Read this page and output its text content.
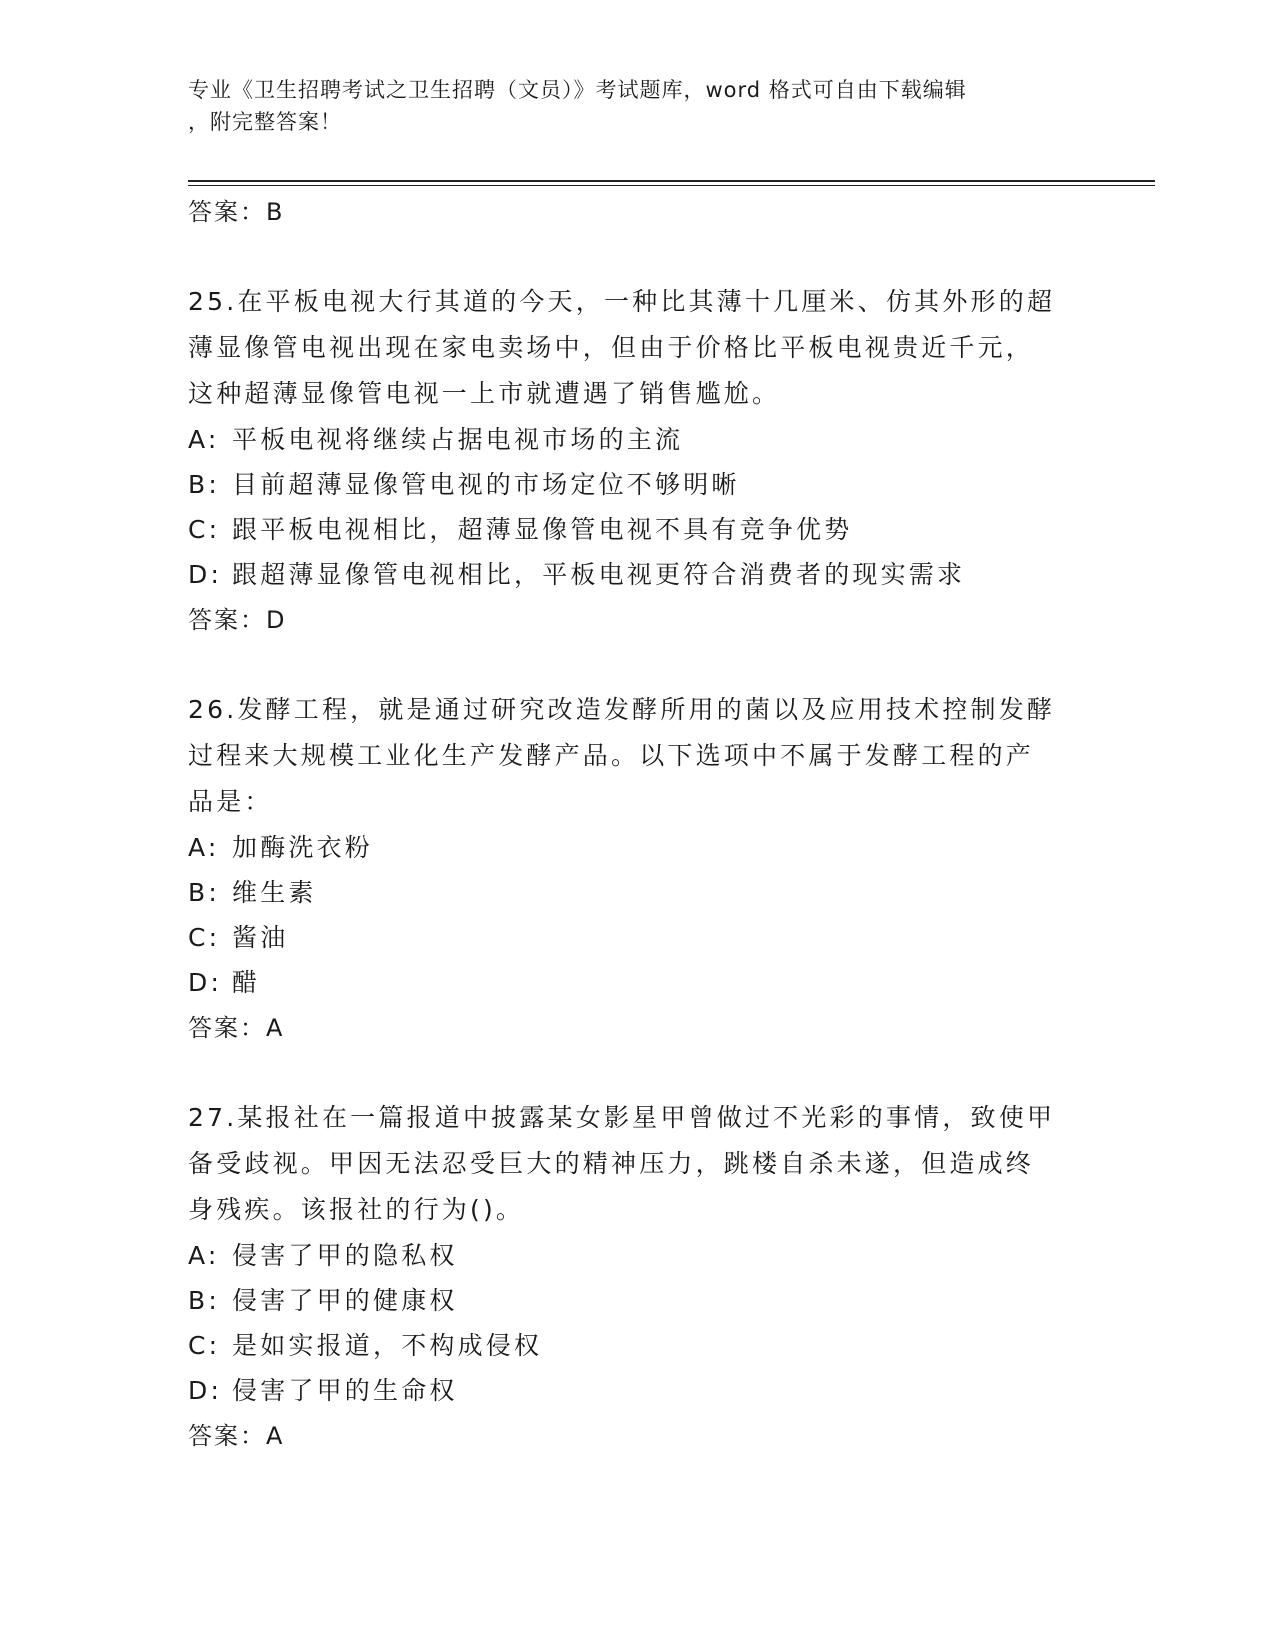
专业《卫生招聘考试之卫生招聘（文员）》考试题库，word 格式可自由下载编辑
，附完整答案！
答案：B
25.在平板电视大行其道的今天，一种比其薄十几厘米、仿其外形的超
薄显像管电视出现在家电卖场中，但由于价格比平板电视贵近千元，
这种超薄显像管电视一上市就遭遇了销售尴尬。
A: 平板电视将继续占据电视市场的主流
B: 目前超薄显像管电视的市场定位不够明晰
C: 跟平板电视相比，超薄显像管电视不具有竞争优势
D: 跟超薄显像管电视相比，平板电视更符合消费者的现实需求
答案：D
26.发酵工程，就是通过研究改造发酵所用的菌以及应用技术控制发酵
过程来大规模工业化生产发酵产品。以下选项中不属于发酵工程的产
品是：
A: 加酶洗衣粉
B: 维生素
C: 酱油
D: 醋
答案：A
27.某报社在一篇报道中披露某女影星甲曾做过不光彩的事情，致使甲
备受歧视。甲因无法忍受巨大的精神压力，跳楼自杀未遂，但造成终
身残疾。该报社的行为()。
A: 侵害了甲的隐私权
B: 侵害了甲的健康权
C: 是如实报道，不构成侵权
D: 侵害了甲的生命权
答案：A
